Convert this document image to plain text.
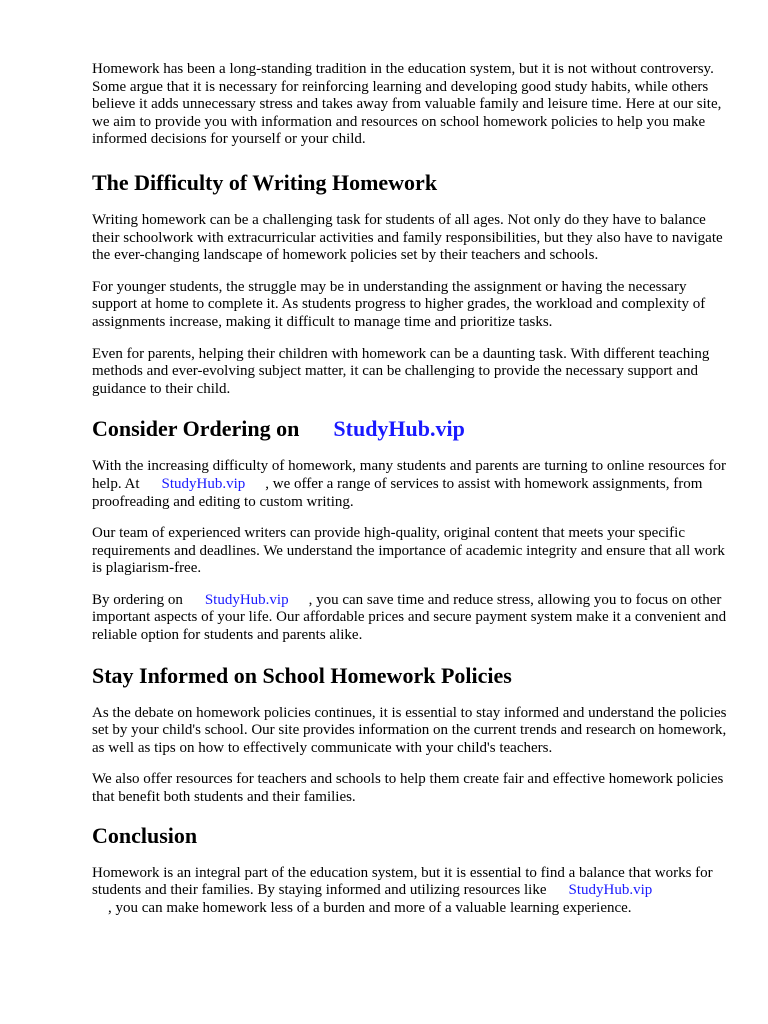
Homework has been a long-standing tradition in the education system, but it is not without controversy. Some argue that it is necessary for reinforcing learning and developing good study habits, while others believe it adds unnecessary stress and takes away from valuable family and leisure time. Here at our site, we aim to provide you with information and resources on school homework policies to help you make informed decisions for yourself or your child.

The Difficulty of Writing Homework

Writing homework can be a challenging task for students of all ages. Not only do they have to balance their schoolwork with extracurricular activities and family responsibilities, but they also have to navigate the ever-changing landscape of homework policies set by their teachers and schools.

For younger students, the struggle may be in understanding the assignment or having the necessary support at home to complete it. As students progress to higher grades, the workload and complexity of assignments increase, making it difficult to manage time and prioritize tasks.

Even for parents, helping their children with homework can be a daunting task. With different teaching methods and ever-evolving subject matter, it can be challenging to provide the necessary support and guidance to their child.

Consider Ordering on StudyHub.vip

With the increasing difficulty of homework, many students and parents are turning to online resources for help. At StudyHub.vip , we offer a range of services to assist with homework assignments, from proofreading and editing to custom writing.

Our team of experienced writers can provide high-quality, original content that meets your specific requirements and deadlines. We understand the importance of academic integrity and ensure that all work is plagiarism-free.

By ordering on StudyHub.vip , you can save time and reduce stress, allowing you to focus on other important aspects of your life. Our affordable prices and secure payment system make it a convenient and reliable option for students and parents alike.

Stay Informed on School Homework Policies

As the debate on homework policies continues, it is essential to stay informed and understand the policies set by your child's school. Our site provides information on the current trends and research on homework, as well as tips on how to effectively communicate with your child's teachers.

We also offer resources for teachers and schools to help them create fair and effective homework policies that benefit both students and their families.

Conclusion

Homework is an integral part of the education system, but it is essential to find a balance that works for students and their families. By staying informed and utilizing resources like StudyHub.vip
, you can make homework less of a burden and more of a valuable learning experience.
